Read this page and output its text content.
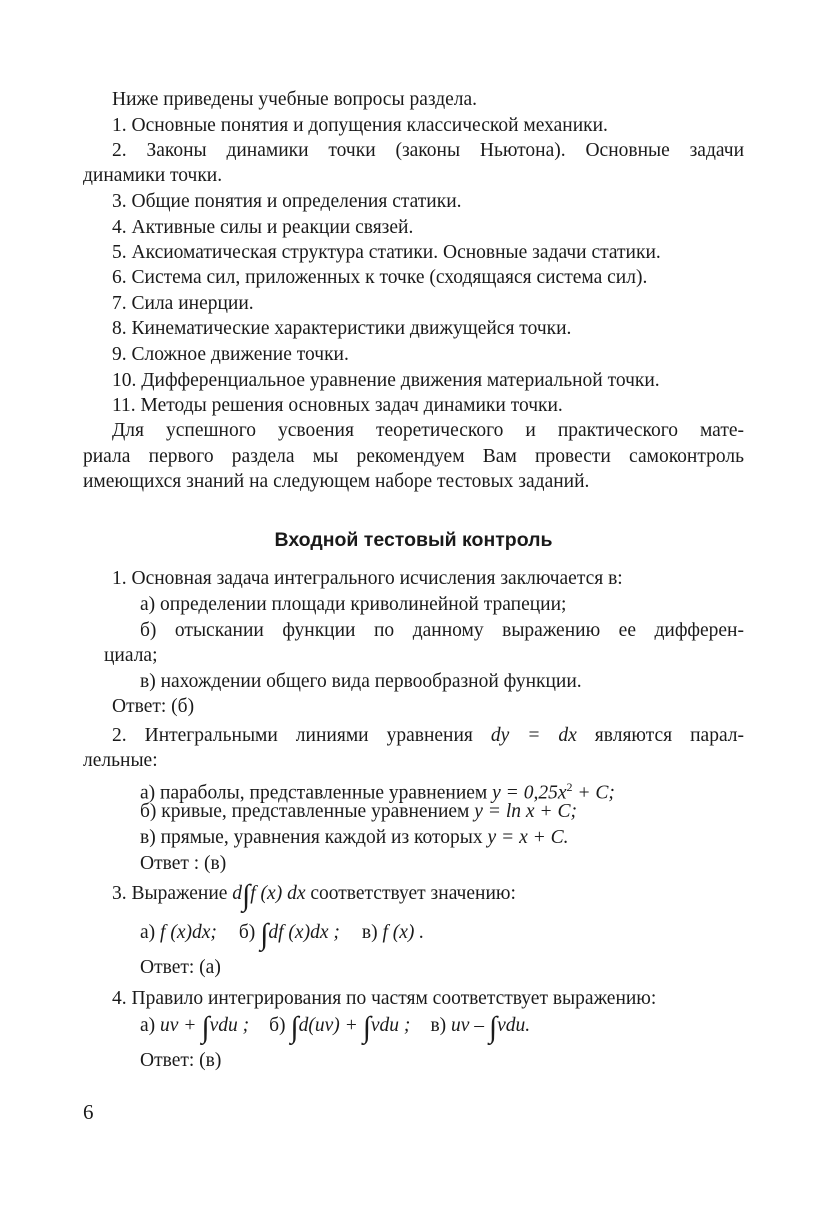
Ниже приведены учебные вопросы раздела.
1. Основные понятия и допущения классической механики.
2. Законы динамики точки (законы Ньютона). Основные задачи
динамики точки.
3. Общие понятия и определения статики.
4. Активные силы и реакции связей.
5. Аксиоматическая структура статики. Основные задачи статики.
6. Система сил, приложенных к точке (сходящаяся система сил).
7. Сила инерции.
8. Кинематические характеристики движущейся точки.
9. Сложное движение точки.
10. Дифференциальное уравнение движения материальной точки.
11. Методы решения основных задач динамики точки.
Для успешного усвоения теоретического и практического мате-
риала первого раздела мы рекомендуем Вам провести самоконтроль
имеющихся знаний на следующем наборе тестовых заданий.
Входной тестовый контроль
1. Основная задача интегрального исчисления заключается в:
а) определении площади криволинейной трапеции;
б) отыскании функции по данному выражению ее дифферен-
циала;
в) нахождении общего вида первообразной функции.
Ответ: (б)
2. Интегральными линиями уравнения dy = dx являются парал-
лельные:
а) параболы, представленные уравнением $y = 0,25x^2 + C$;
б) кривые, представленные уравнением y = ln x + C;
в) прямые, уравнения каждой из которых y = x + C.
Ответ : (в)
3. Выражение d∫f (x) dx соответствует значению:
а) f (x)dx; б) ∫df (x)dx ; в) f (x) .
Ответ: (а)
4. Правило интегрирования по частям соответствует выражению:
а) uv + ∫vdu ; б) ∫d(uv) + ∫vdu ; в) uv – ∫vdu.
Ответ: (в)
6
